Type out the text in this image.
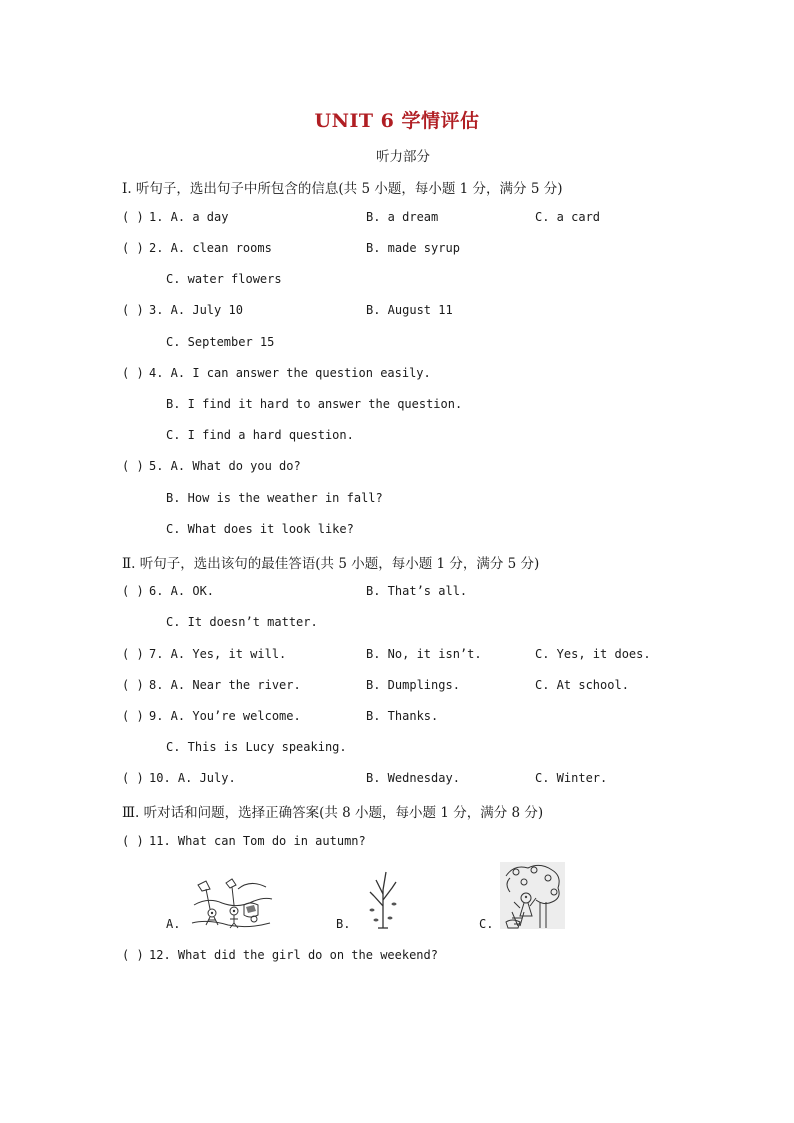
UNIT 6 学情评估
听力部分
Ⅰ. 听句子，选出句子中所包含的信息(共 5 小题，每小题 1 分，满分 5 分)
( ) 1. A. a day	B. a dream	C. a card
( ) 2. A. clean rooms	B. made syrup
C. water flowers
( ) 3. A. July 10	B. August 11
C. September 15
( ) 4. A. I can answer the question easily.
B. I find it hard to answer the question.
C. I find a hard question.
( ) 5. A. What do you do?
B. How is the weather in fall?
C. What does it look like?
Ⅱ. 听句子，选出该句的最佳答语(共 5 小题，每小题 1 分，满分 5 分)
( ) 6. A. OK.	B. That’s all.
C. It doesn’t matter.
( ) 7. A. Yes, it will.	B. No, it isn’t.	C. Yes, it does.
( ) 8. A. Near the river.	B. Dumplings.	C. At school.
( ) 9. A. You’re welcome.	B. Thanks.
C. This is Lucy speaking.
( ) 10. A. July.	B. Wednesday.	C. Winter.
Ⅲ. 听对话和问题，选择正确答案(共 8 小题，每小题 1 分，满分 8 分)
( ) 11. What can Tom do in autumn?
A.	B.	C.
( ) 12. What did the girl do on the weekend?
